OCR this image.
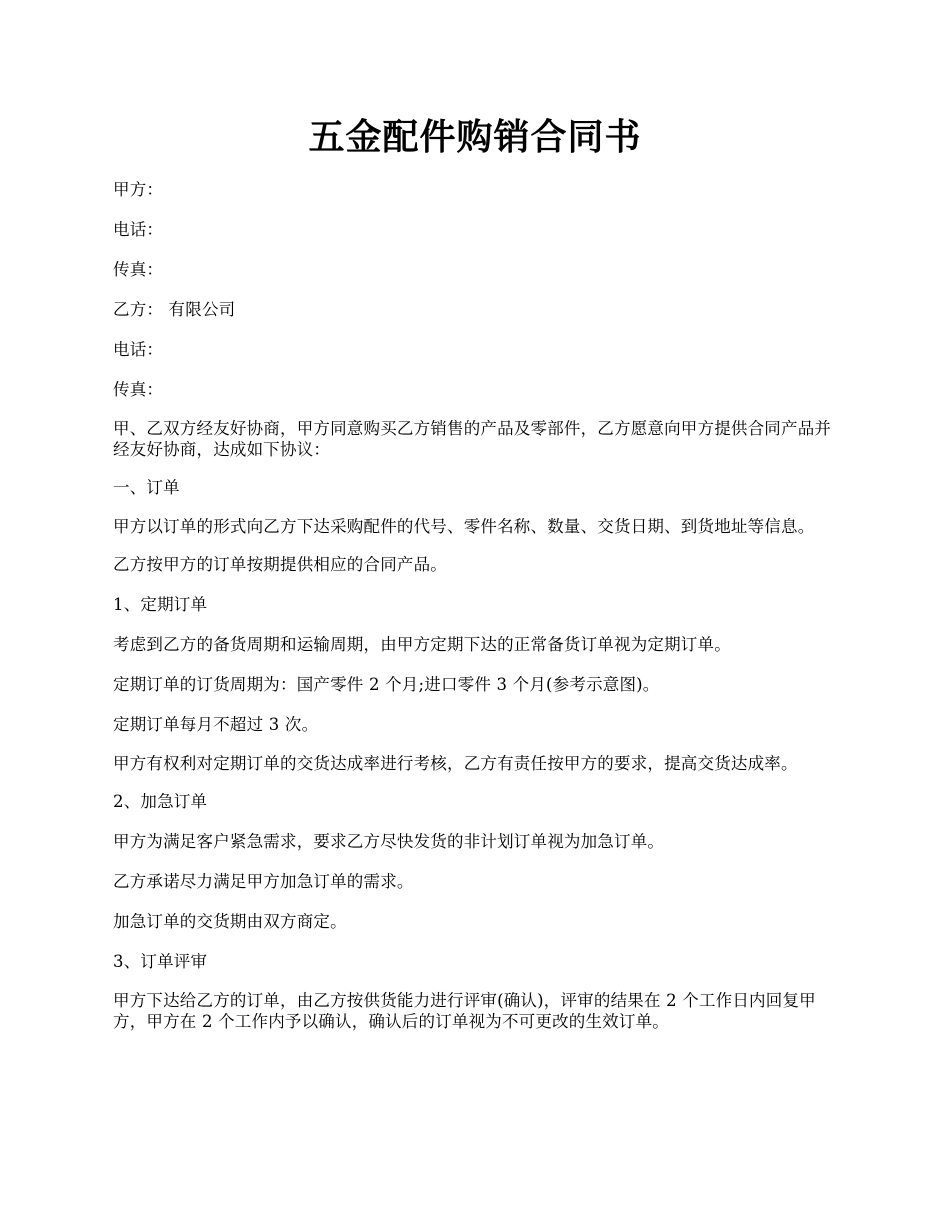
五金配件购销合同书

甲方：

电话：

传真：

乙方： 有限公司

电话：

传真：

甲、乙双方经友好协商，甲方同意购买乙方销售的产品及零部件，乙方愿意向甲方提供合同产品并经友好协商，达成如下协议：

一、订单

甲方以订单的形式向乙方下达采购配件的代号、零件名称、数量、交货日期、到货地址等信息。

乙方按甲方的订单按期提供相应的合同产品。

1、定期订单

考虑到乙方的备货周期和运输周期，由甲方定期下达的正常备货订单视为定期订单。

定期订单的订货周期为：国产零件 2 个月;进口零件 3 个月(参考示意图)。

定期订单每月不超过 3 次。

甲方有权利对定期订单的交货达成率进行考核，乙方有责任按甲方的要求，提高交货达成率。

2、加急订单

甲方为满足客户紧急需求，要求乙方尽快发货的非计划订单视为加急订单。

乙方承诺尽力满足甲方加急订单的需求。

加急订单的交货期由双方商定。

3、订单评审

甲方下达给乙方的订单，由乙方按供货能力进行评审(确认)，评审的结果在 2 个工作日内回复甲方，甲方在 2 个工作内予以确认，确认后的订单视为不可更改的生效订单。
